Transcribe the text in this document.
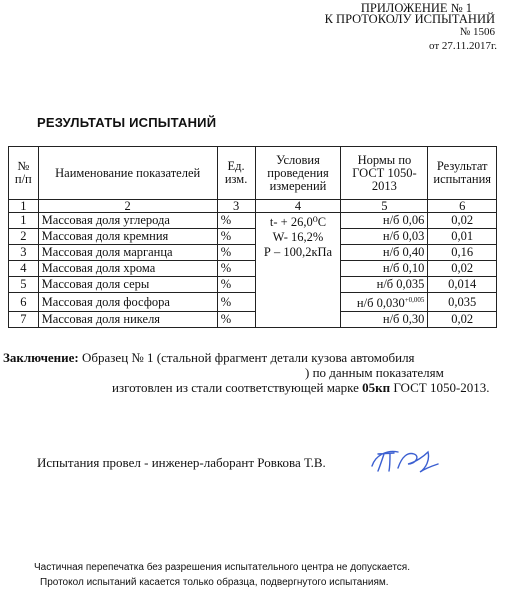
ПРИЛОЖЕНИЕ № 1
К ПРОТОКОЛУ ИСПЫТАНИЙ
№ 1506
от 27.11.2017г.
РЕЗУЛЬТАТЫ ИСПЫТАНИЙ
№ п/п	Наименование показателей	Ед. изм.	Условия проведения измерений	Нормы по ГОСТ 1050-2013	Результат испытания
1	2	3	4	5	6
1	Массовая доля углерода	%	t- + 26,0⁰С
W- 16,2%
Р – 100,2кПа	н/б 0,06	0,02
2	Массовая доля кремния	%		н/б 0,03	0,01
3	Массовая доля марганца	%		н/б 0,40	0,16
4	Массовая доля хрома	%		н/б 0,10	0,02
5	Массовая доля серы	%		н/б 0,035	0,014
6	Массовая доля фосфора	%		н/б $0,030^{+0,005}$	0,035
7	Массовая доля никеля	%		н/б 0,30	0,02
Заключение: Образец № 1 (стальной фрагмент детали кузова автомобиля
) по данным показателям
изготовлен из стали соответствующей марке 05кп ГОСТ 1050-2013.
Испытания провел - инженер-лаборант Ровкова Т.В.
Частичная перепечатка без разрешения испытательного центра не допускается.
Протокол испытаний касается только образца, подвергнутого испытаниям.
